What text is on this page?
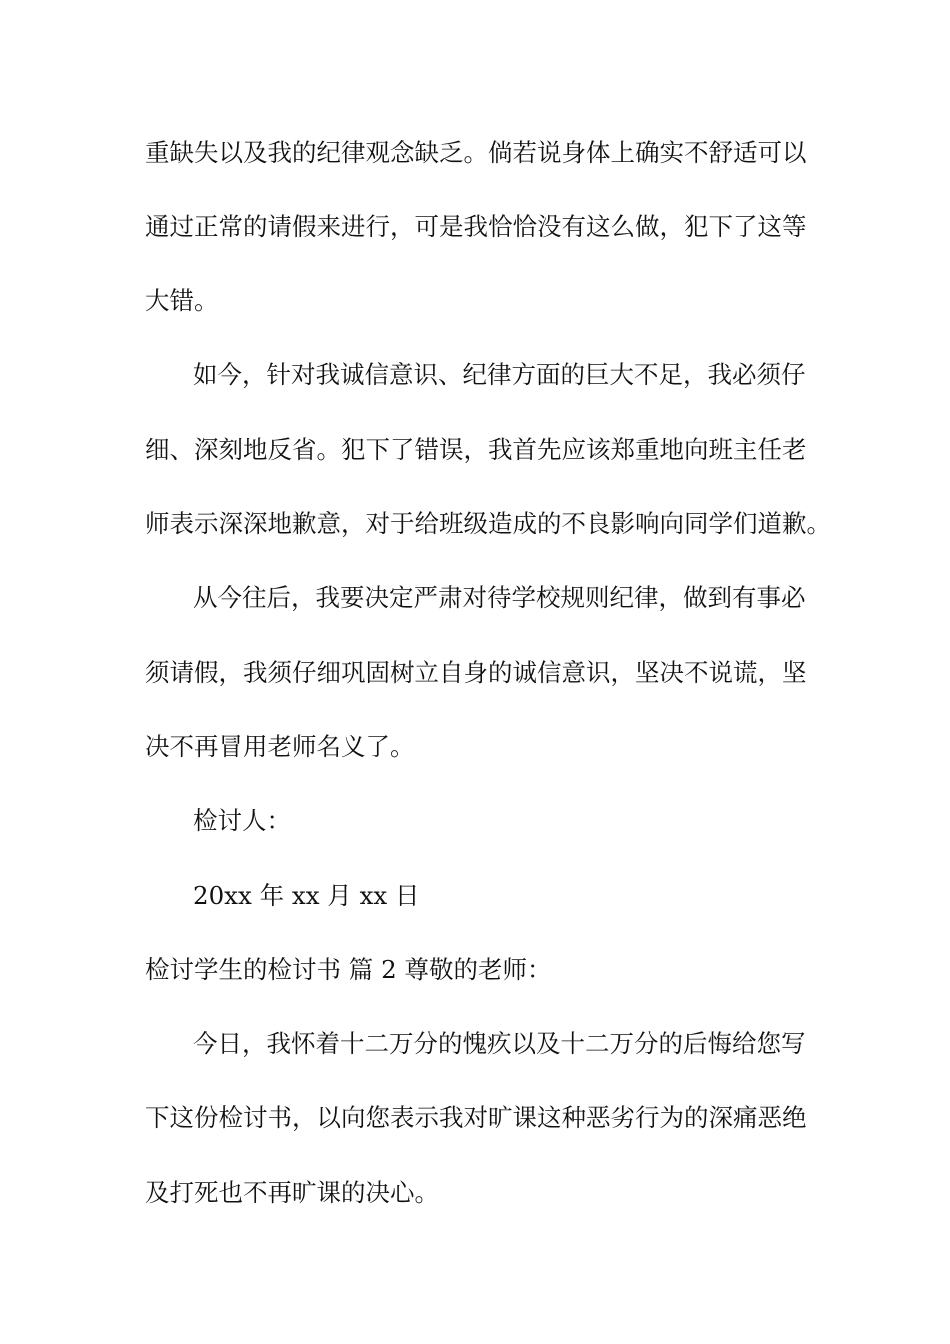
重缺失以及我的纪律观念缺乏。倘若说身体上确实不舒适可以

通过正常的请假来进行，可是我恰恰没有这么做，犯下了这等

大错。

如今，针对我诚信意识、纪律方面的巨大不足，我必须仔

细、深刻地反省。犯下了错误，我首先应该郑重地向班主任老

师表示深深地歉意，对于给班级造成的不良影响向同学们道歉。

从今往后，我要决定严肃对待学校规则纪律，做到有事必

须请假，我须仔细巩固树立自身的诚信意识，坚决不说谎，坚

决不再冒用老师名义了。

检讨人：

20xx 年 xx 月 xx 日

检讨学生的检讨书 篇 2 尊敬的老师：

今日，我怀着十二万分的愧疚以及十二万分的后悔给您写

下这份检讨书，以向您表示我对旷课这种恶劣行为的深痛恶绝

及打死也不再旷课的决心。
